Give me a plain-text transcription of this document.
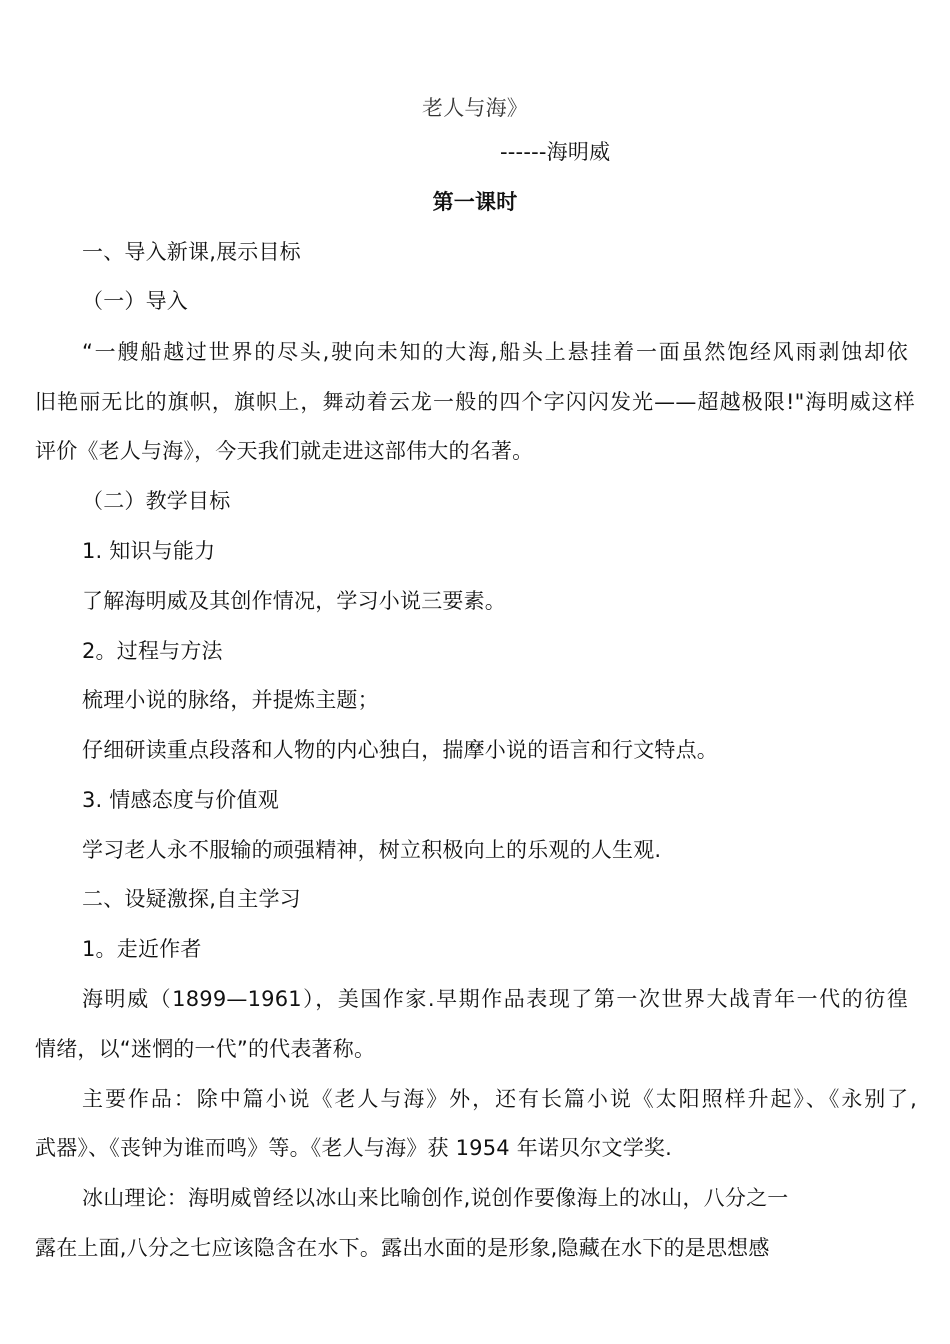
老人与海》
------海明威
第一课时
一、导入新课,展示目标
（一）导入
“一艘船越过世界的尽头,驶向未知的大海,船头上悬挂着一面虽然饱经风雨剥蚀却依
旧艳丽无比的旗帜，旗帜上，舞动着云龙一般的四个字闪闪发光——超越极限!"海明威这样
评价《老人与海》，今天我们就走进这部伟大的名著。
（二）教学目标
1. 知识与能力
了解海明威及其创作情况，学习小说三要素。
2。过程与方法
梳理小说的脉络，并提炼主题；
仔细研读重点段落和人物的内心独白，揣摩小说的语言和行文特点。
3. 情感态度与价值观
学习老人永不服输的顽强精神，树立积极向上的乐观的人生观.
二、设疑激探,自主学习
1。走近作者
海明威（1899—1961），美国作家.早期作品表现了第一次世界大战青年一代的彷徨
情绪，以“迷惘的一代”的代表著称。
主要作品：除中篇小说《老人与海》外，还有长篇小说《太阳照样升起》、《永别了,
武器》、《丧钟为谁而鸣》等。《老人与海》获 1954 年诺贝尔文学奖.
冰山理论：海明威曾经以冰山来比喻创作,说创作要像海上的冰山，八分之一
露在上面,八分之七应该隐含在水下。露出水面的是形象,隐藏在水下的是思想感
